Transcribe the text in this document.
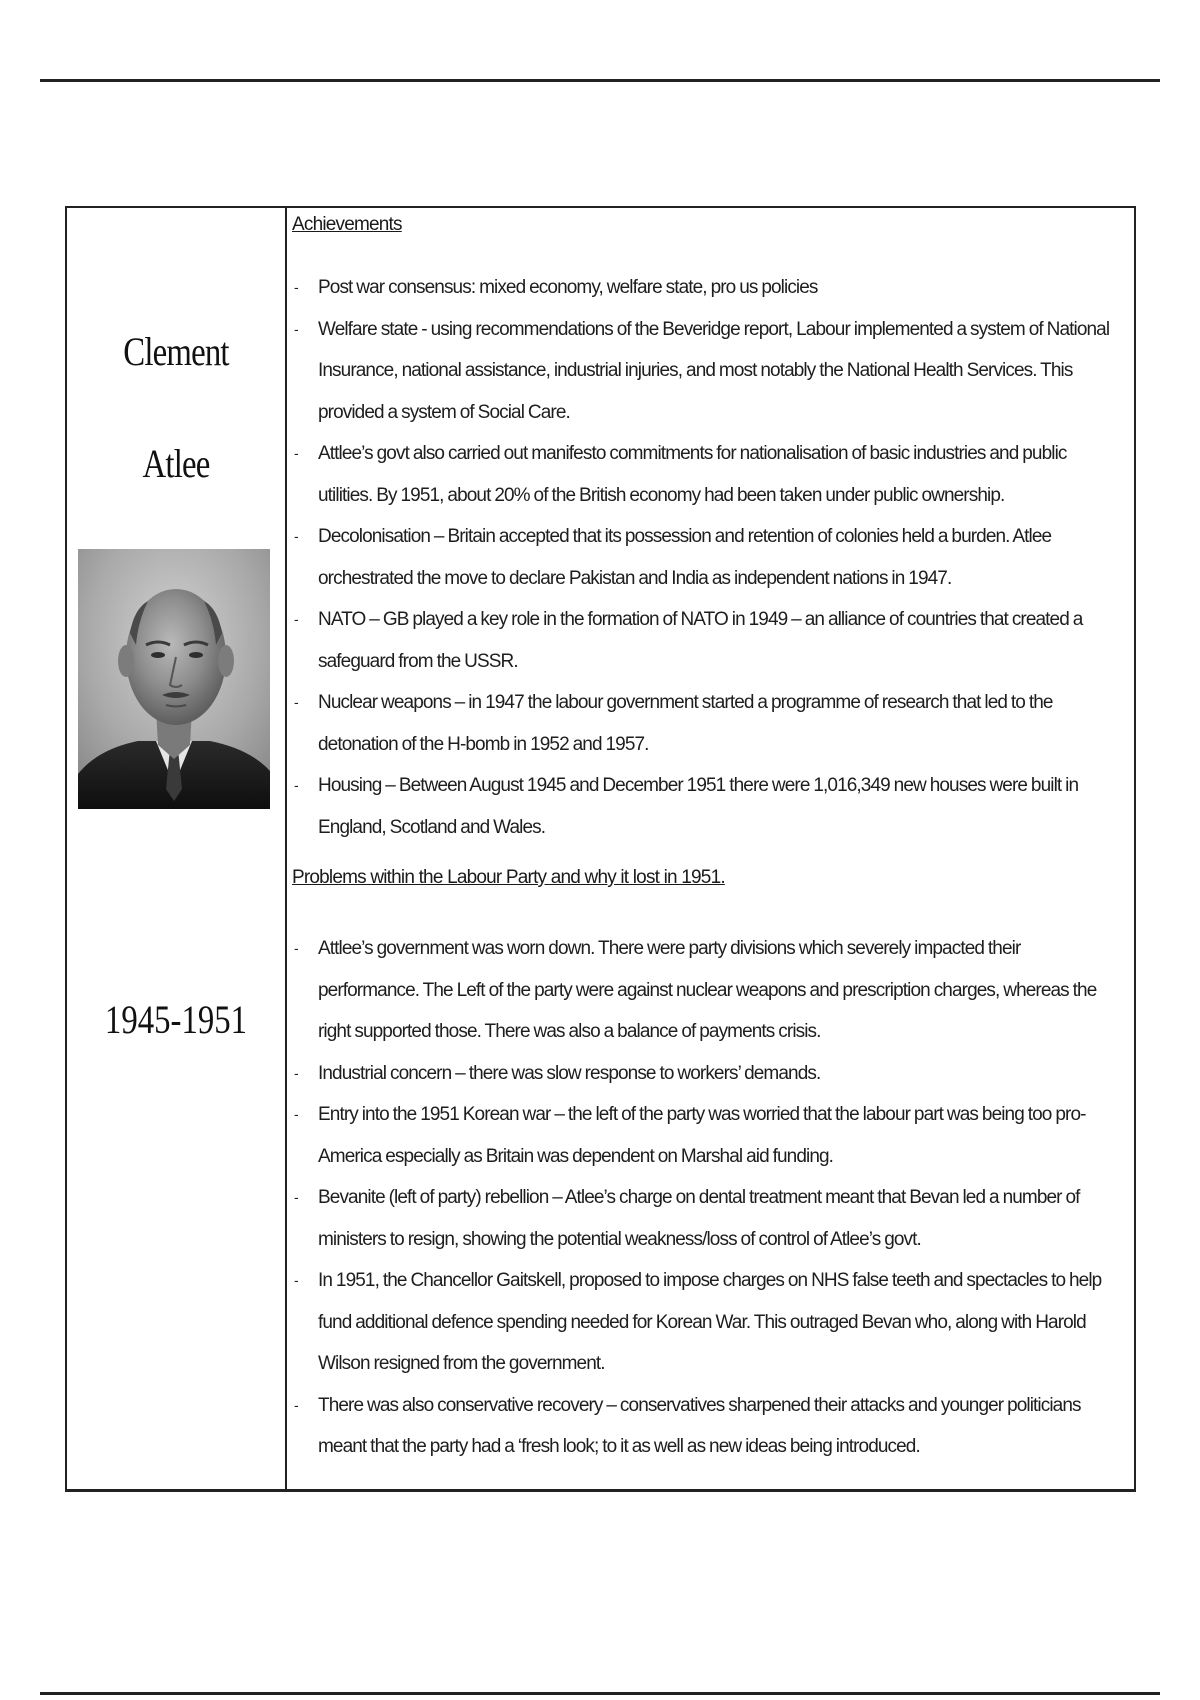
Clement
Atlee
1945-1951
Achievements
- Post war consensus: mixed economy, welfare state, pro us policies
- Welfare state - using recommendations of the Beveridge report, Labour implemented a system of National Insurance, national assistance, industrial injuries, and most notably the National Health Services. This provided a system of Social Care.
- Attlee’s govt also carried out manifesto commitments for nationalisation of basic industries and public utilities. By 1951, about 20% of the British economy had been taken under public ownership.
- Decolonisation – Britain accepted that its possession and retention of colonies held a burden. Atlee orchestrated the move to declare Pakistan and India as independent nations in 1947.
- NATO – GB played a key role in the formation of NATO in 1949 – an alliance of countries that created a safeguard from the USSR.
- Nuclear weapons – in 1947 the labour government started a programme of research that led to the detonation of the H-bomb in 1952 and 1957.
- Housing – Between August 1945 and December 1951 there were 1,016,349 new houses were built in England, Scotland and Wales.
Problems within the Labour Party and why it lost in 1951.
- Attlee’s government was worn down. There were party divisions which severely impacted their performance. The Left of the party were against nuclear weapons and prescription charges, whereas the right supported those. There was also a balance of payments crisis.
- Industrial concern – there was slow response to workers’ demands.
- Entry into the 1951 Korean war – the left of the party was worried that the labour part was being too pro-America especially as Britain was dependent on Marshal aid funding.
- Bevanite (left of party) rebellion – Atlee’s charge on dental treatment meant that Bevan led a number of ministers to resign, showing the potential weakness/loss of control of Atlee’s govt.
- In 1951, the Chancellor Gaitskell, proposed to impose charges on NHS false teeth and spectacles to help fund additional defence spending needed for Korean War. This outraged Bevan who, along with Harold Wilson resigned from the government.
- There was also conservative recovery – conservatives sharpened their attacks and younger politicians meant that the party had a ‘fresh look; to it as well as new ideas being introduced.
